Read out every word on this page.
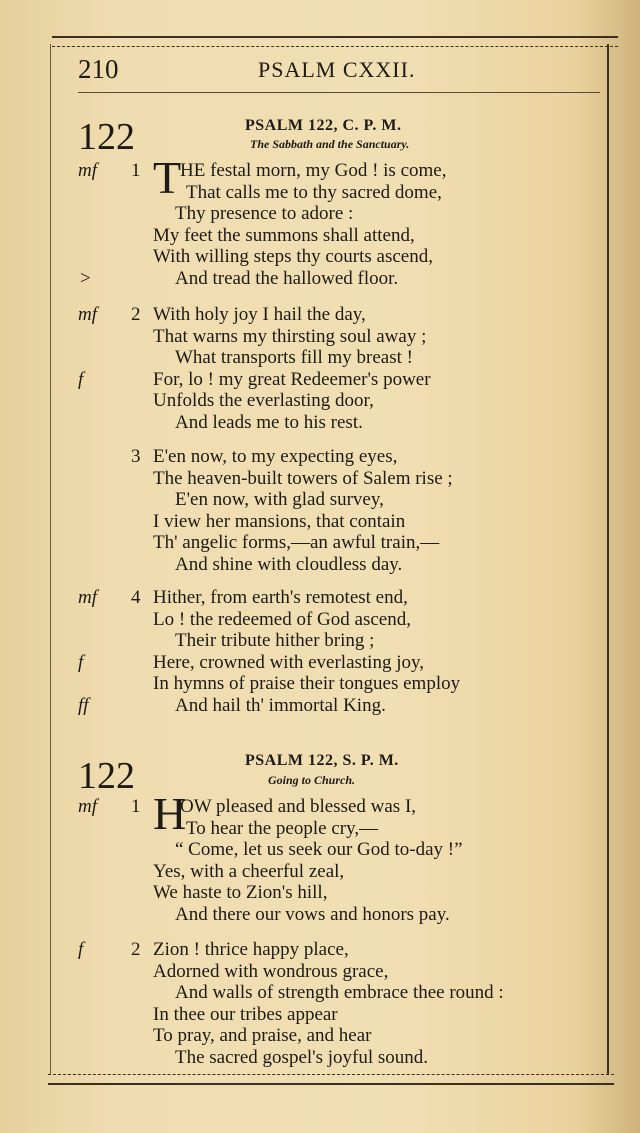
210	PSALM CXXII.
122	PSALM 122, C. P. M.
The Sabbath and the Sanctuary.
1
mf T
HE festal morn, my God ! is come,
That calls me to thy sacred dome,
Thy presence to adore :
My feet the summons shall attend,
With willing steps thy courts ascend,
>	And tread the hallowed floor.
2
mf	With holy joy I hail the day,
That warns my thirsting soul away ;
What transports fill my breast !
f	For, lo ! my great Redeemer's power
Unfolds the everlasting door,
And leads me to his rest.
3 E'en now, to my expecting eyes,
The heaven-built towers of Salem rise ;
E'en now, with glad survey,
I view her mansions, that contain
Th' angelic forms,—an awful train,—
And shine with cloudless day.
4
mf	Hither, from earth's remotest end,
Lo ! the redeemed of God ascend,
Their tribute hither bring ;
f	Here, crowned with everlasting joy,
In hymns of praise their tongues employ
ff	And hail th' immortal King.
122	PSALM 122, S. P. M.
Going to Church.
1
mf H
OW pleased and blessed was I,
To hear the people cry,—
“ Come, let us seek our God to-day !”
Yes, with a cheerful zeal,
We haste to Zion's hill,
And there our vows and honors pay.
2
f	Zion ! thrice happy place,
Adorned with wondrous grace,
And walls of strength embrace thee round :
In thee our tribes appear
To pray, and praise, and hear
The sacred gospel's joyful sound.
